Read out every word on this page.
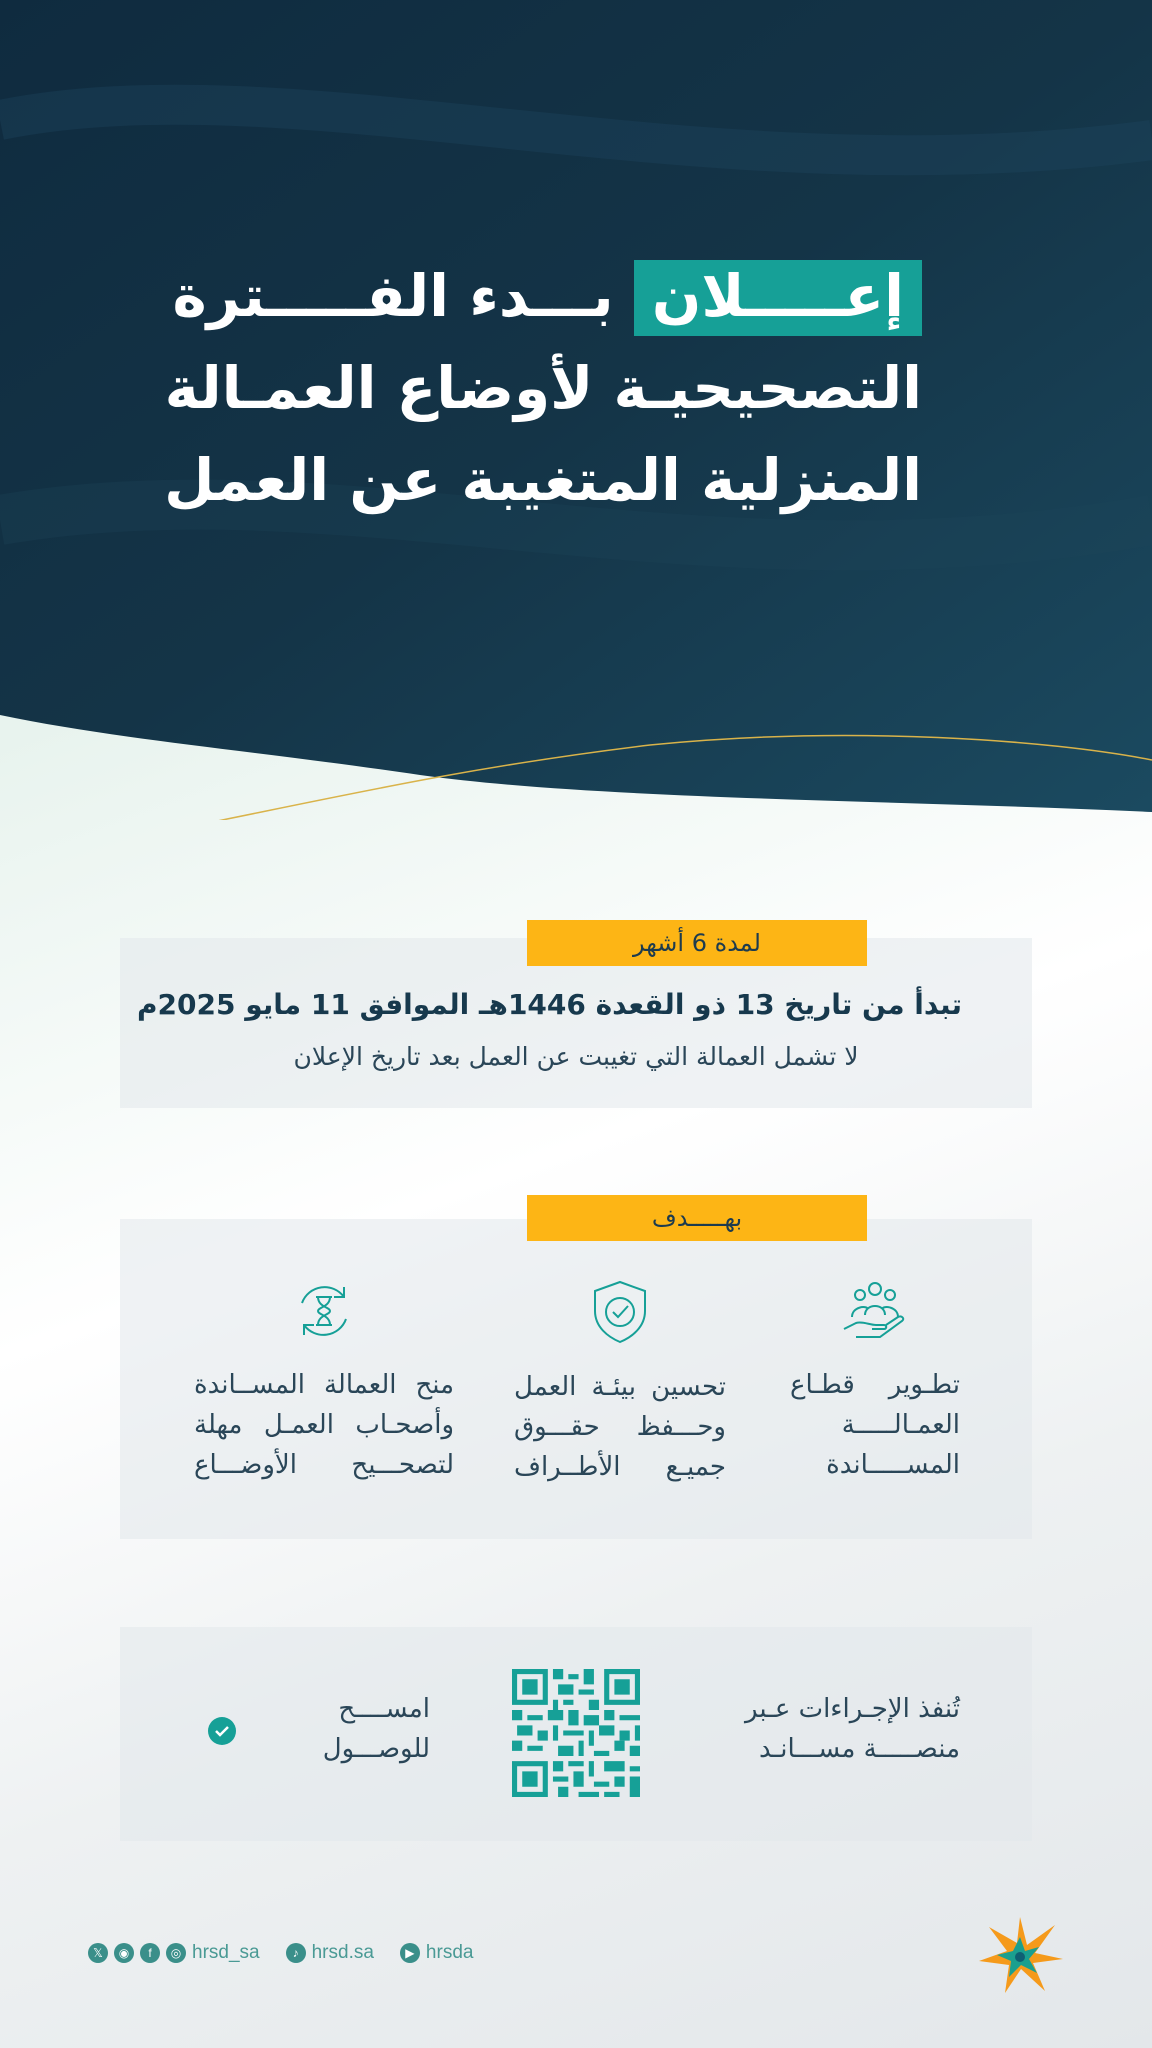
إعـــــلان بـــدء الفـــــترة
التصحيحيـة لأوضاع العمـالة
المنزلية المتغيبة عن العمل
لمدة 6 أشهر
تبدأ من تاريخ 13 ذو القعدة 1446هـ الموافق 11 مايو 2025م
لا تشمل العمالة التي تغيبت عن العمل بعد تاريخ الإعلان
بهـــــدف
تطـوير قطـاع
العمـالـــــة
المســـــاندة
تحسين بيئـة العمل
وحـــفظ حقـــوق
جميـع الأطــراف
منح العمالة المســاندة
وأصحـاب العمـل مهلة
لتصحـــيح الأوضـــاع
تُنفذ الإجـراءات عـبر
منصـــــة مســـانـد
امســــح
للوصـــول
𝕏	◉	f	◎ hrsd_sa	♪ hrsd.sa	▶ hrsda
